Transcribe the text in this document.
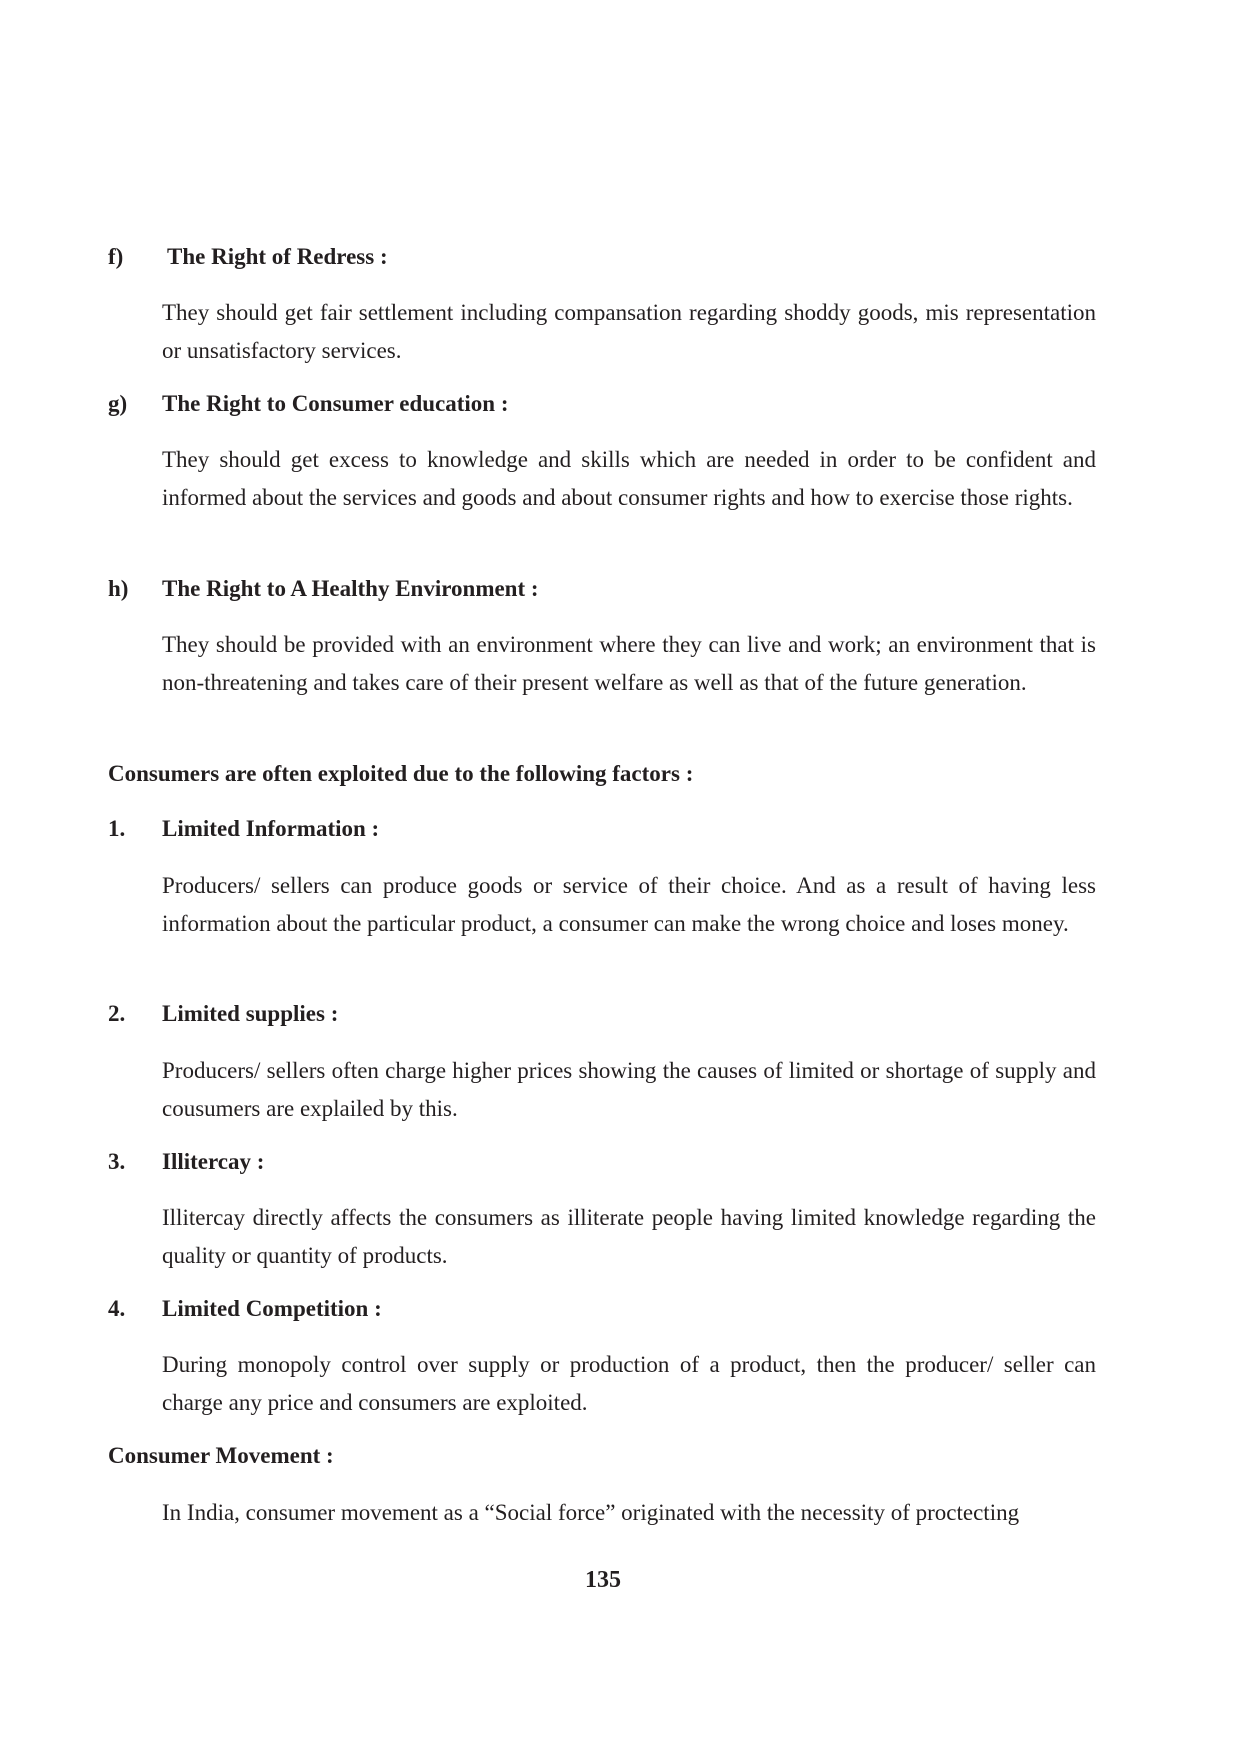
f) The Right of Redress :
They should get fair settlement including compansation regarding shoddy goods, mis representation or unsatisfactory services.
g) The Right to Consumer education :
They should get excess to knowledge and skills which are needed in order to be confident and informed about the services and goods and about consumer rights and how to exercise those rights.
h) The Right to A Healthy Environment :
They should be provided with an environment where they can live and work; an environment that is non-threatening and takes care of their present welfare as well as that of the future generation.
Consumers are often exploited due to the following factors :
1. Limited Information :
Producers/ sellers can produce goods or service of their choice. And as a result of having less information about the particular product, a consumer can make the wrong choice and loses money.
2. Limited supplies :
Producers/ sellers often charge higher prices showing the causes of limited or shortage of supply and cousumers are explailed by this.
3. Illitercay :
Illitercay directly affects the consumers as illiterate people having limited knowledge regarding the quality or quantity of products.
4. Limited Competition :
During monopoly control over supply or production of a product, then the producer/ seller can charge any price and consumers are exploited.
Consumer Movement :
In India, consumer movement as a “Social force” originated with the necessity of proctecting
135
